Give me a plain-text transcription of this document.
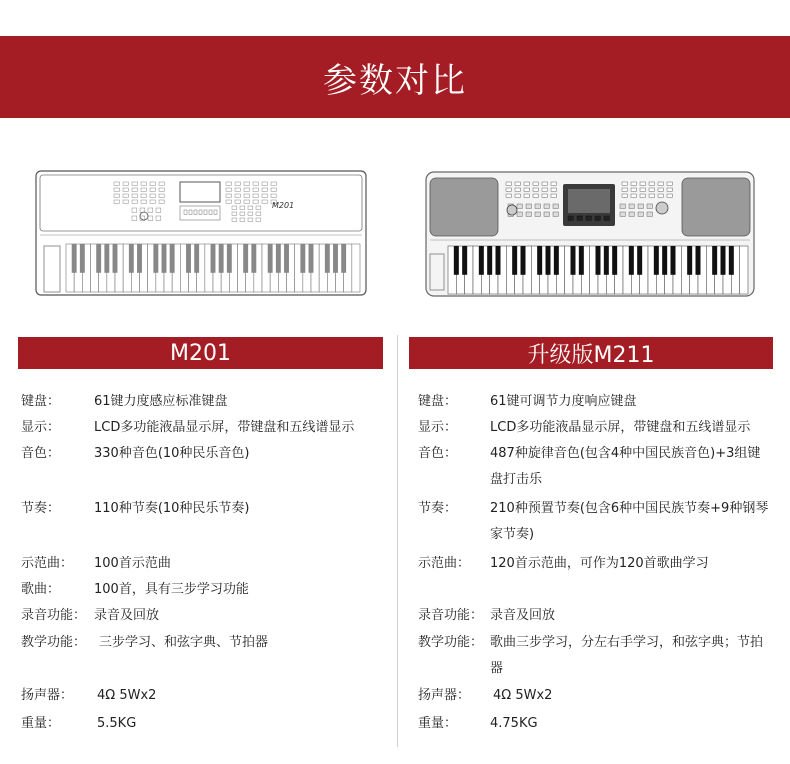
参数对比
M201
M201	升级版M211
键盘：	61键力度感应标准键盘
显示：	LCD多功能液晶显示屏，带键盘和五线谱显示
音色：	330种音色(10种民乐音色)
节奏：	110种节奏(10种民乐节奏)
示范曲： 100首示范曲
歌曲：	100首，具有三步学习功能
录音功能： 录音及回放
教学功能： 三步学习、和弦字典、节拍器
扬声器： 4Ω 5Wx2
重量：	5.5KG
键盘：	61键可调节力度响应键盘
显示：	LCD多功能液晶显示屏，带键盘和五线谱显示
音色：	487种旋律音色(包含4种中国民族音色)+3组键盘打击乐
节奏：	210种预置节奏(包含6种中国民族节奏+9种钢琴家节奏)
示范曲： 120首示范曲，可作为120首歌曲学习
录音功能： 录音及回放
教学功能： 歌曲三步学习，分左右手学习，和弦字典；节拍器
扬声器： 4Ω 5Wx2
重量：	4.75KG
